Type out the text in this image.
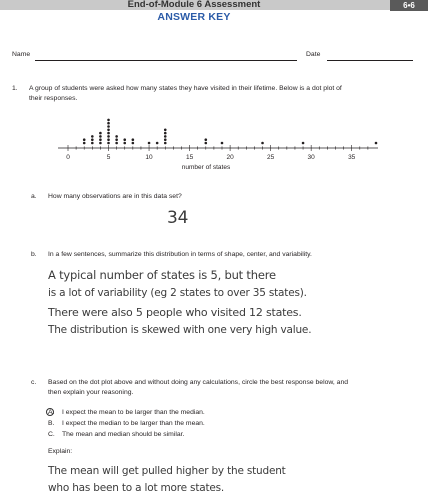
End-of-Module 6 Assessment	6•6
ANSWER KEY
Name	Date
1. A group of students were asked how many states they have visited in their lifetime. Below is a dot plot of
their responses.
0	5	10	15	20	25	30	35
number of states
a. How many observations are in this data set?
34
b. In a few sentences, summarize this distribution in terms of shape, center, and variability.
A typical number of states is 5, but there
is a lot of variability (eg 2 states to over 35 states).
There were also 5 people who visited 12 states.
The distribution is skewed with one very high value.
c. Based on the dot plot above and without doing any calculations, circle the best response below, and
then explain your reasoning.
A. I expect the mean to be larger than the median.
B. I expect the median to be larger than the mean.
C. The mean and median should be similar.
Explain:
The mean will get pulled higher by the student
who has been to a lot more states.
